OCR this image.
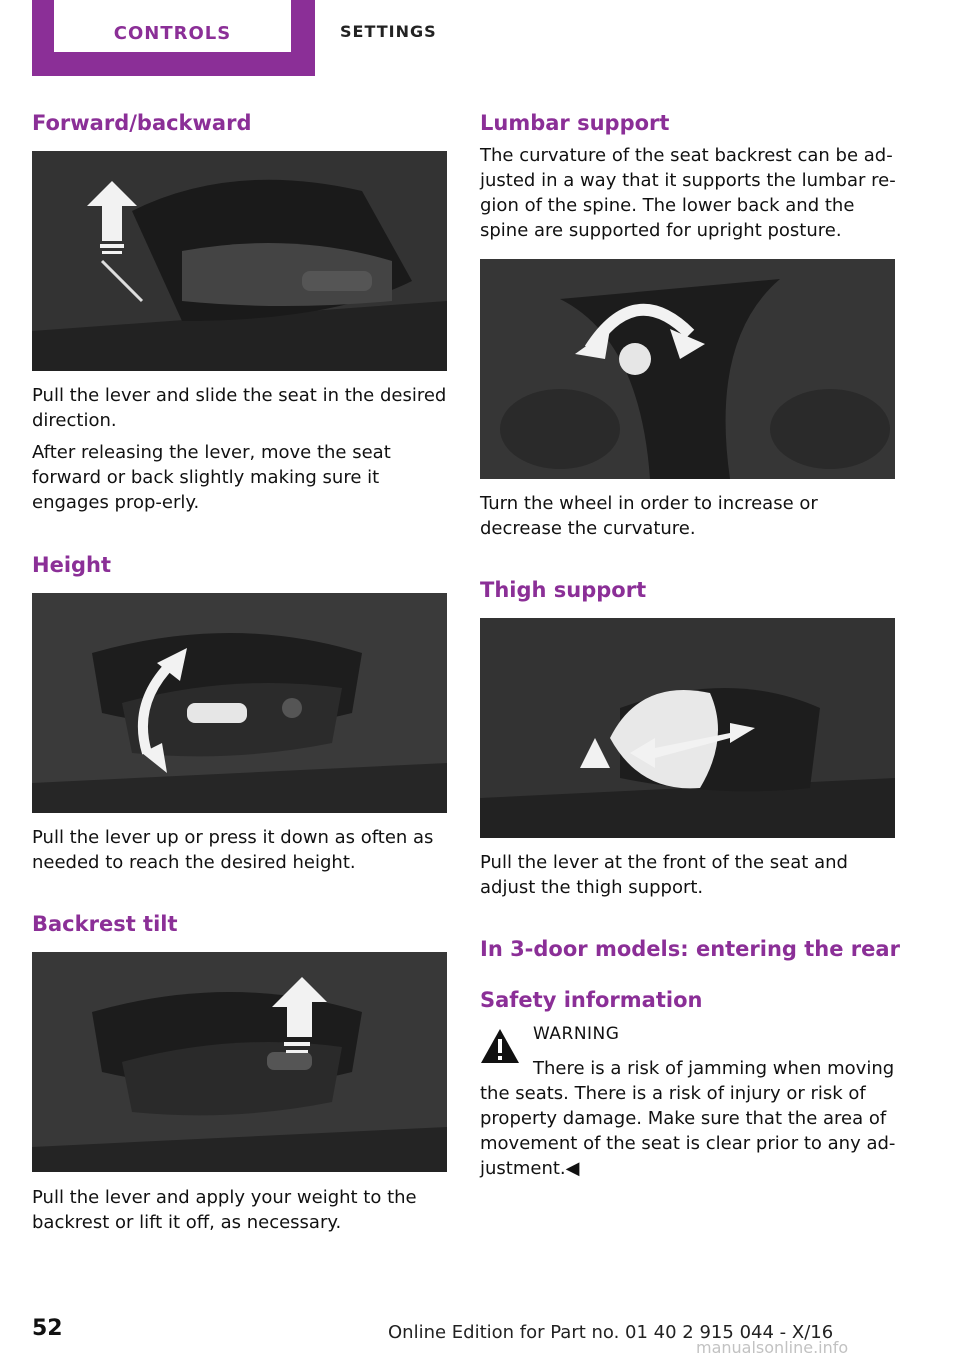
CONTROLS	SETTINGS
Forward/backward
Pull the lever and slide the seat in the desired direction.
After releasing the lever, move the seat forward or back slightly making sure it engages prop‐erly.
Height
Pull the lever up or press it down as often as needed to reach the desired height.
Backrest tilt
Pull the lever and apply your weight to the backrest or lift it off, as necessary.
Lumbar support
The curvature of the seat backrest can be ad‐justed in a way that it supports the lumbar re‐gion of the spine. The lower back and the spine are supported for upright posture.
Turn the wheel in order to increase or decrease the curvature.
Thigh support
Pull the lever at the front of the seat and adjust the thigh support.
In 3-door models: entering the rear
Safety information
WARNING
There is a risk of jamming when moving the seats. There is a risk of injury or risk of property damage. Make sure that the area of movement of the seat is clear prior to any ad‐justment.◀
52	Online Edition for Part no. 01 40 2 915 044 - X/16
manualsonline.info
